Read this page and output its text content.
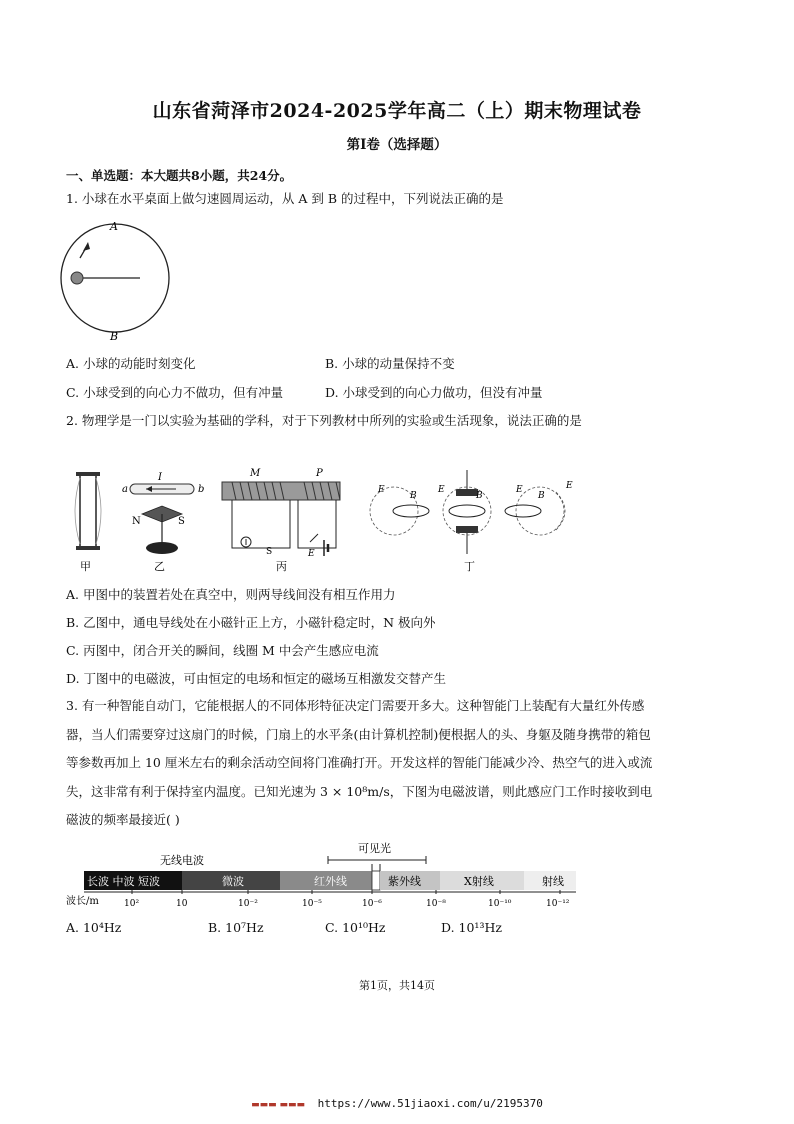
山东省菏泽市2024-2025学年高二（上）期末物理试卷
第Ⅰ卷（选择题）
一、单选题：本大题共8小题，共24分。
1. 小球在水平桌面上做匀速圆周运动，从 A 到 B 的过程中，下列说法正确的是
A
B
A. 小球的动能时刻变化	B. 小球的动量保持不变
C. 小球受到的向心力不做功，但有冲量	D. 小球受到的向心力做功，但没有冲量
2. 物理学是一门以实验为基础的学科，对于下列教材中所列的实验或生活现象，说法正确的是
甲
a
I
b
N	S
乙
M	P
S	E
丙
E	E	E	E
B	B	B
丁
A. 甲图中的装置若处在真空中，则两导线间没有相互作用力
B. 乙图中，通电导线处在小磁针正上方，小磁针稳定时，N 极向外
C. 丙图中，闭合开关的瞬间，线圈 M 中会产生感应电流
D. 丁图中的电磁波，可由恒定的电场和恒定的磁场互相激发交替产生
3. 有一种智能自动门，它能根据人的不同体形特征决定门需要开多大。这种智能门上装配有大量红外传感
器，当人们需要穿过这扇门的时候，门扇上的水平条(由计算机控制)便根据人的头、身躯及随身携带的箱包
等参数再加上 10 厘米左右的剩余活动空间将门准确打开。开发这样的智能门能减少冷、热空气的进入或流
失，这非常有利于保持室内温度。已知光速为 3 × 10⁸m/s，下图为电磁波谱，则此感应门工作时接收到电
磁波的频率最接近( )
无线电波
可见光
长波 中波 短波	微波	红外线	紫外线	X射线	射线
波长/m	10²	10	10⁻²	10⁻⁵	10⁻⁶	10⁻⁸	10⁻¹⁰	10⁻¹²
A. 10⁴Hz	B. 10⁷Hz	C. 10¹⁰Hz	D. 10¹³Hz
第1页，共14页
▬▬▬ ▬▬▬ https://www.51jiaoxi.com/u/2195370
